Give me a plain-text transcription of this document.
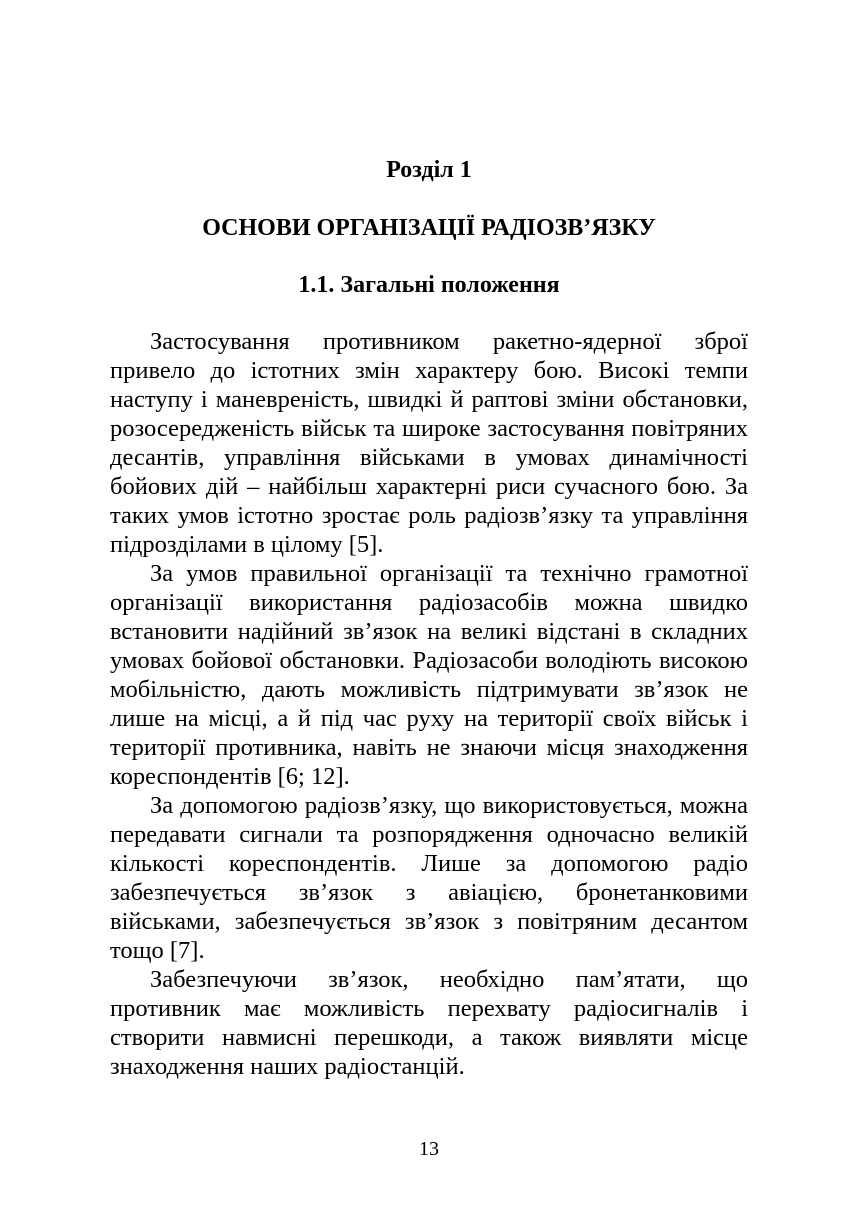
Розділ 1
ОСНОВИ ОРГАНІЗАЦІЇ РАДІОЗВ’ЯЗКУ
1.1. Загальні положення

Застосування противником ракетно-ядерної зброї привело до істотних змін характеру бою. Високі темпи наступу і маневреність, швидкі й раптові зміни обстановки, розосередженість військ та широке застосування повітряних десантів, управління військами в умовах динамічності бойових дій – найбільш характерні риси сучасного бою. За таких умов істотно зростає роль радіозв’язку та управління підрозділами в цілому [5].

За умов правильної організації та технічно грамотної організації використання радіозасобів можна швидко встановити надійний зв’язок на великі відстані в складних умовах бойової обстановки. Радіозасоби володіють високою мобільністю, дають можливість підтримувати зв’язок не лише на місці, а й під час руху на території своїх військ і території противника, навіть не знаючи місця знаходження кореспондентів [6; 12].

За допомогою радіозв’язку, що використовується, можна передавати сигнали та розпорядження одночасно великій кількості кореспондентів. Лише за допомогою радіо забезпечується зв’язок з авіацією, бронетанковими військами, забезпечується зв’язок з повітряним десантом тощо [7].

Забезпечуючи зв’язок, необхідно пам’ятати, що противник має можливість перехвату радіосигналів і створити навмисні перешкоди, а також виявляти місце знаходження наших радіостанцій.

13
